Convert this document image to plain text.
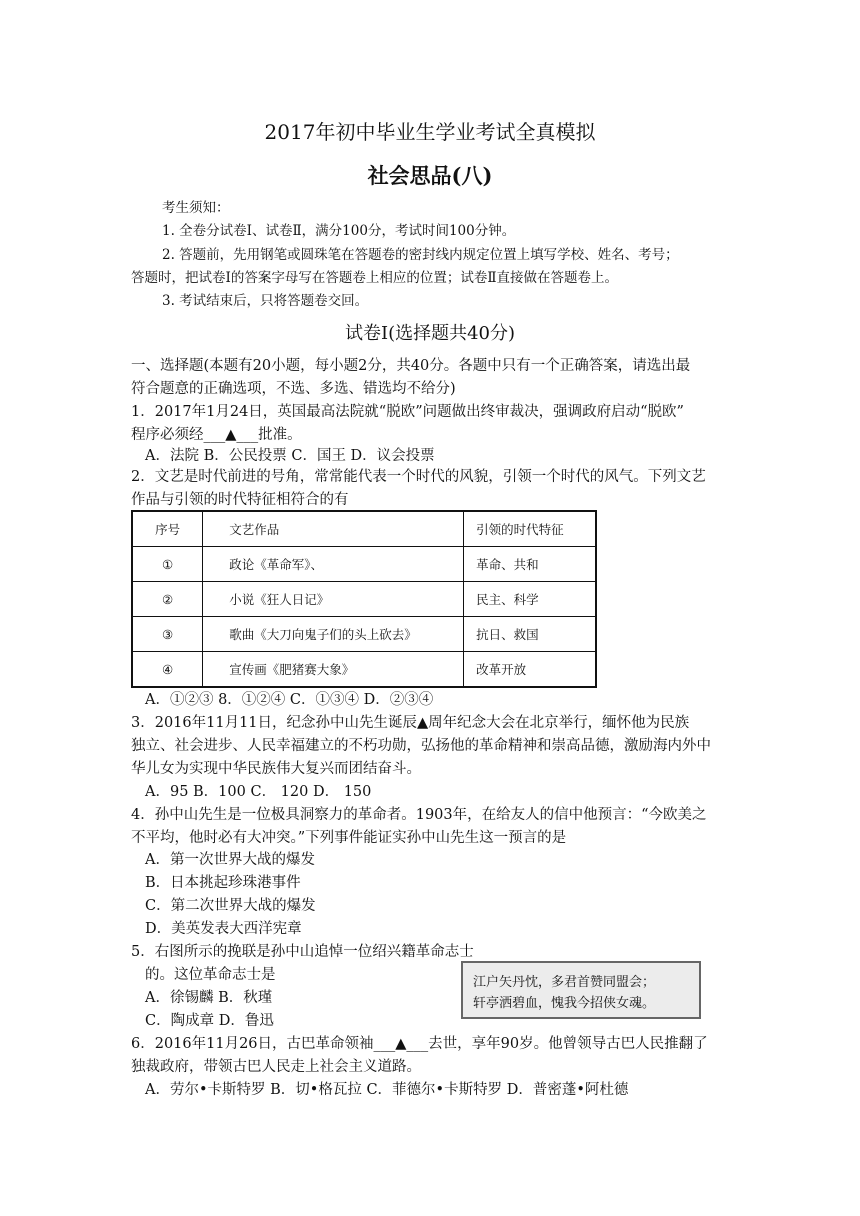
2017年初中毕业生学业考试全真模拟
社会思品(八)
考生须知：
1. 全卷分试卷Ⅰ、试卷Ⅱ，满分100分，考试时间100分钟。
2. 答题前，先用钢笔或圆珠笔在答题卷的密封线内规定位置上填写学校、姓名、考号；
答题时，把试卷Ⅰ的答案字母写在答题卷上相应的位置；试卷Ⅱ直接做在答题卷上。
3. 考试结束后，只将答题卷交回。
试卷Ⅰ(选择题共40分)
一、选择题(本题有20小题，每小题2分，共40分。各题中只有一个正确答案，请选出最
符合题意的正确选项，不选、多选、错选均不给分)
1．2017年1月24日，英国最高法院就“脱欧”问题做出终审裁决，强调政府启动“脱欧”
程序必须经___▲___批准。
A．法院 B．公民投票 C．国王 D．议会投票
2．文艺是时代前进的号角，常常能代表一个时代的风貌，引领一个时代的风气。下列文艺
作品与引领的时代特征相符合的有
序号	文艺作品	引领的时代特征
①	政论《革命军》、	革命、共和
②	小说《狂人日记》	民主、科学
③	歌曲《大刀向鬼子们的头上砍去》	抗日、救国
④	宣传画《肥猪赛大象》	改革开放
A．①②③ 8．①②④ C．①③④ D．②③④
3．2016年11月11日，纪念孙中山先生诞辰▲周年纪念大会在北京举行，缅怀他为民族
独立、社会进步、人民幸福建立的不朽功勋，弘扬他的革命精神和崇高品德，激励海内外中
华儿女为实现中华民族伟大复兴而团结奋斗。
A．95 B．100 C． 120 D． 150
4．孙中山先生是一位极具洞察力的革命者。1903年，在给友人的信中他预言：“今欧美之
不平均，他时必有大冲突。”下列事件能证实孙中山先生这一预言的是
A．第一次世界大战的爆发
B．日本挑起珍珠港事件
C．第二次世界大战的爆发
D．美英发表大西洋宪章
5．右图所示的挽联是孙中山追悼一位绍兴籍革命志士
的。这位革命志士是
A．徐锡麟 B．秋瑾
C．陶成章 D．鲁迅
江户矢丹忱，多君首赞同盟会；
轩亭洒碧血，愧我今招侠女魂。
6．2016年11月26日，古巴革命领袖___▲___去世，享年90岁。他曾领导古巴人民推翻了
独裁政府，带领古巴人民走上社会主义道路。
A．劳尔•卡斯特罗 B．切•格瓦拉 C．菲德尔•卡斯特罗 D．普密蓬•阿杜德
